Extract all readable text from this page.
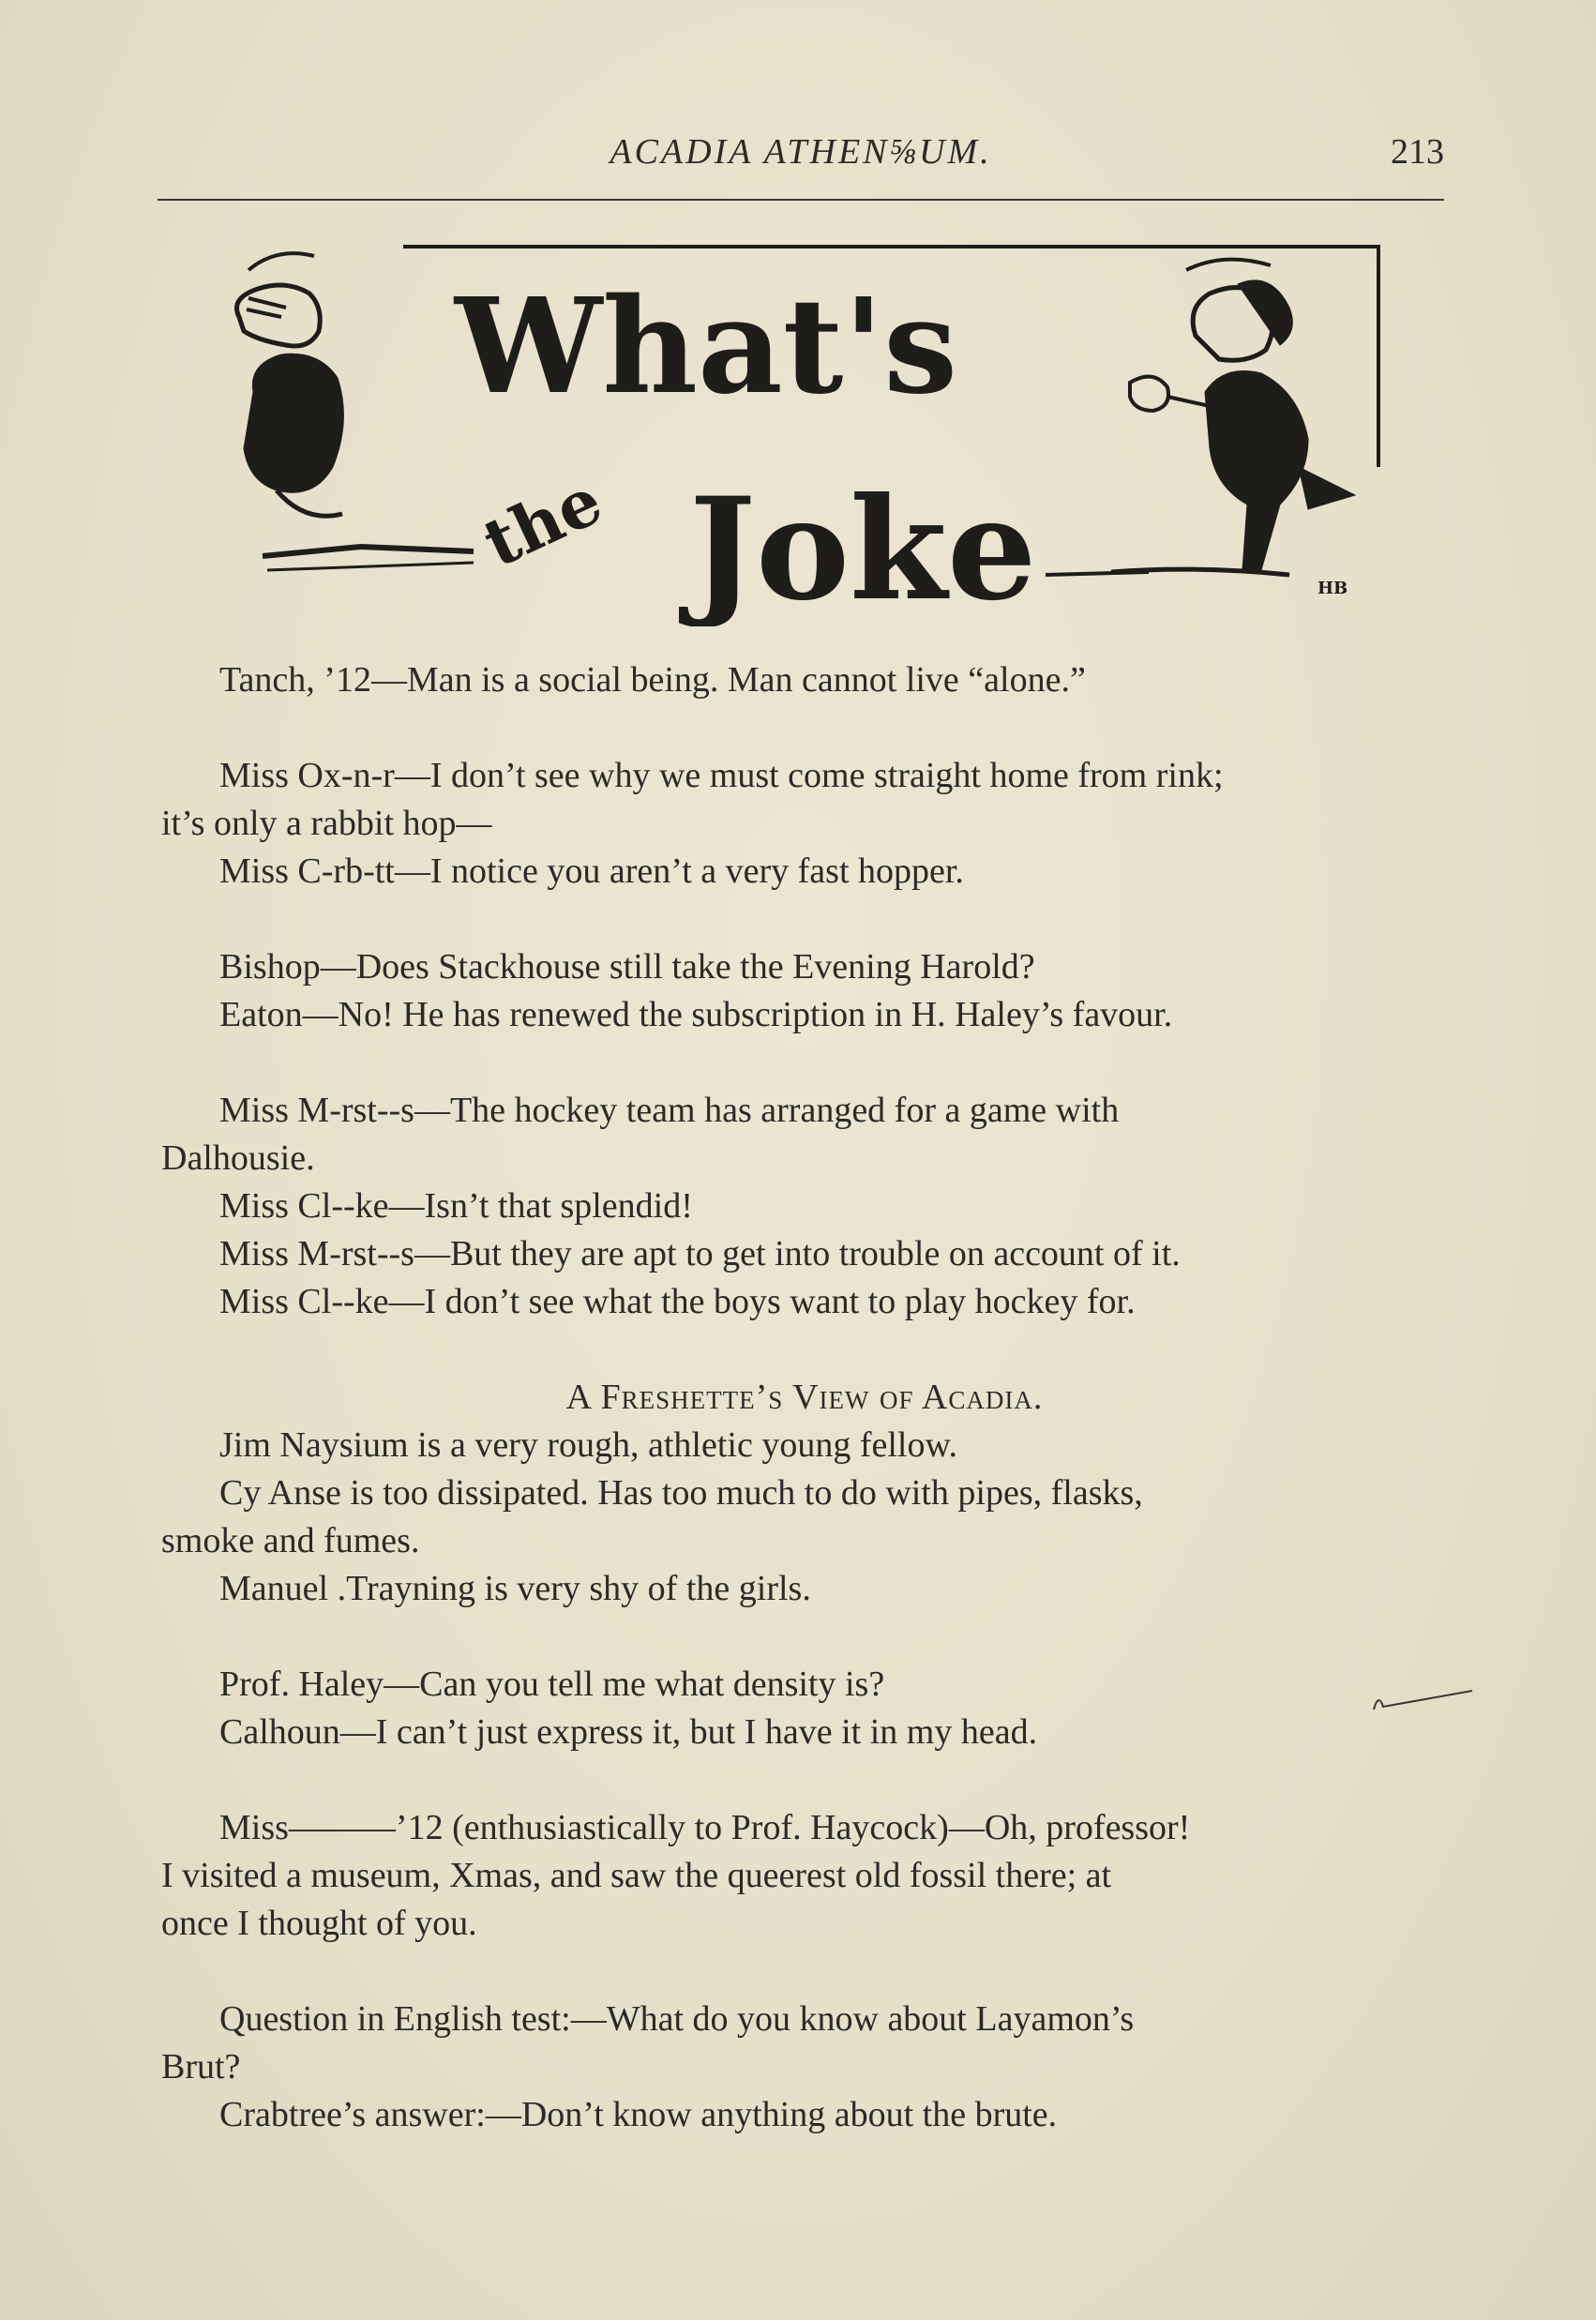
ACADIA ATHEN⅝UM.	213
What's
the Joke	HB

Tanch, ’12—Man is a social being. Man cannot live “alone.”

Miss Ox-n-r—I don’t see why we must come straight home from rink;

it’s only a rabbit hop—

Miss C-rb-tt—I notice you aren’t a very fast hopper.

Bishop—Does Stackhouse still take the Evening Harold?

Eaton—No! He has renewed the subscription in H. Haley’s favour.

Miss M-rst--s—The hockey team has arranged for a game with

Dalhousie.

Miss Cl--ke—Isn’t that splendid!

Miss M-rst--s—But they are apt to get into trouble on account of it.

Miss Cl--ke—I don’t see what the boys want to play hockey for.

A Freshette’s View of Acadia.

Jim Naysium is a very rough, athletic young fellow.

Cy Anse is too dissipated. Has too much to do with pipes, flasks,

smoke and fumes.

Manuel .Trayning is very shy of the girls.

Prof. Haley—Can you tell me what density is?

Calhoun—I can’t just express it, but I have it in my head.

Miss———’12 (enthusiastically to Prof. Haycock)—Oh, professor!

I visited a museum, Xmas, and saw the queerest old fossil there; at

once I thought of you.

Question in English test:—What do you know about Layamon’s

Brut?

Crabtree’s answer:—Don’t know anything about the brute.
